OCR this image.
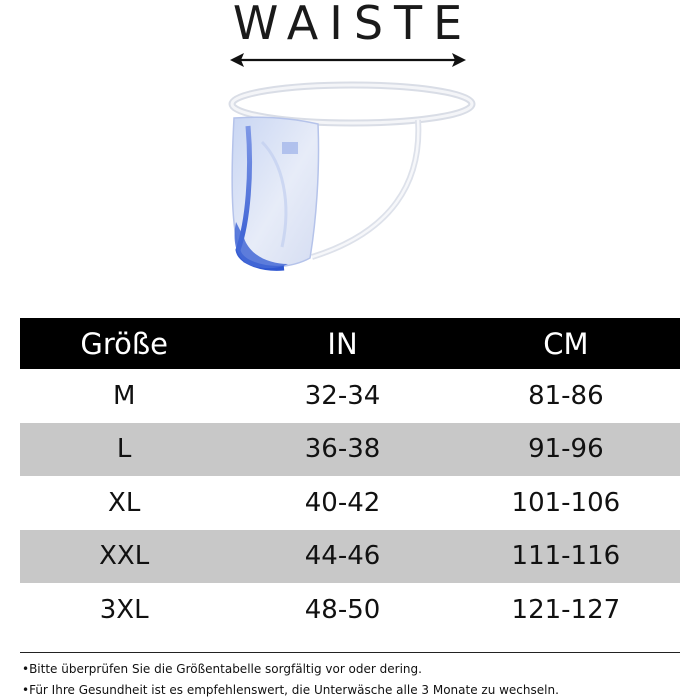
WAISTE
Größe	IN	CM
M	32-34	81-86
L	36-38	91-96
XL	40-42	101-106
XXL	44-46	111-116
3XL	48-50	121-127
•Bitte überprüfen Sie die Größentabelle sorgfältig vor oder dering.
•Für Ihre Gesundheit ist es empfehlenswert, die Unterwäsche alle 3 Monate zu wechseln.
